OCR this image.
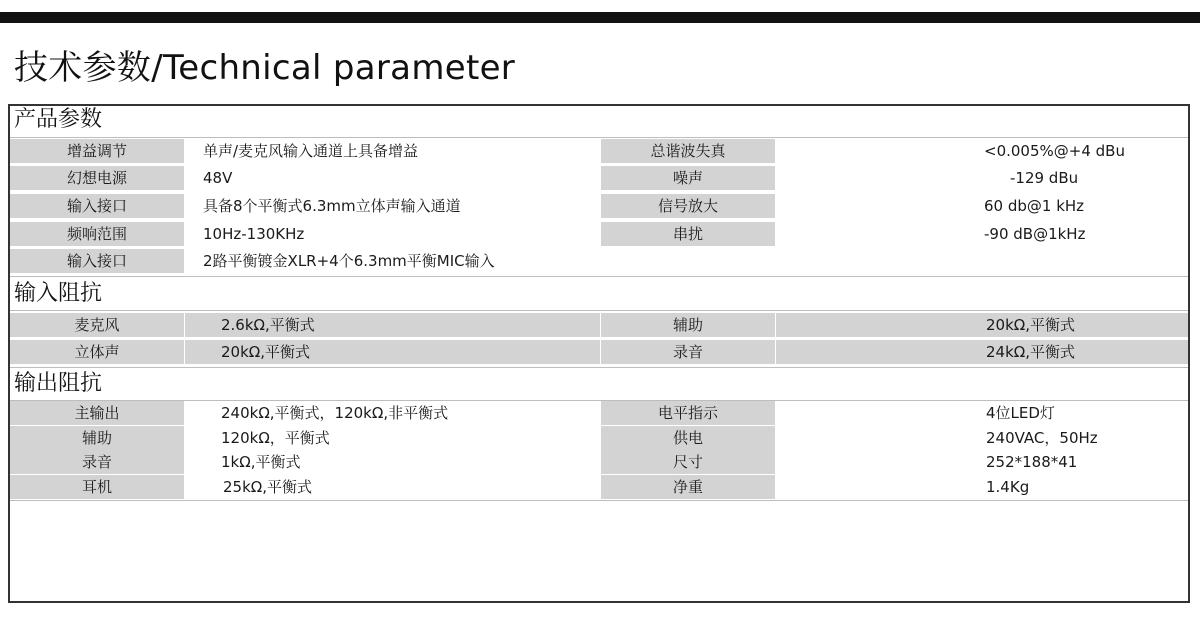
技术参数/Technical parameter
产品参数
增益调节	单声/麦克风输入通道上具备增益	总谐波失真	<0.005%@+4 dBu
幻想电源	48V	噪声	-129 dBu
输入接口	具备8个平衡式6.3mm立体声输入通道	信号放大	60 db@1 kHz
频响范围	10Hz-130KHz	串扰	-90 dB@1kHz
输入接口	2路平衡镀金XLR+4个6.3mm平衡MIC输入
输入阻抗
麦克风	2.6kΩ,平衡式	辅助	20kΩ,平衡式
立体声	20kΩ,平衡式	录音	24kΩ,平衡式
输出阻抗
主输出	240kΩ,平衡式，120kΩ,非平衡式	电平指示	4位LED灯
辅助	120kΩ，平衡式	供电	240VAC，50Hz
录音	1kΩ,平衡式	尺寸	252*188*41
耳机	25kΩ,平衡式	净重	1.4Kg
